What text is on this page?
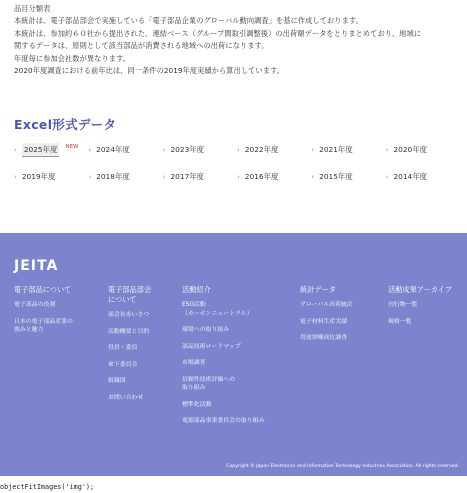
品目分類表

本統計は、電子部品部会で実施している「電子部品企業のグローバル動向調査」を基に作成しております。

本統計は、参加約６０社から提出された、連結ベース（グループ間取引調整後）の出荷額データをとりまとめており、地域に

関するデータは、原則として該当部品が消費される地域への出荷になります。

年度毎に参加会社数が異なります。

2020年度調査における前年比は、同一条件の2019年度実績から算出しています。

Excel形式データ
› 2025年度	NEW › 2024年度	› 2023年度	› 2022年度	› 2021年度	› 2020年度
› 2019年度	› 2018年度	› 2017年度	› 2016年度	› 2015年度	› 2014年度
JEITA
電子部品について
電子部品の役割
日本の電子部品産業の
強みと魅力
電子部品部会
について
部会長あいさつ
活動概要と目的
役員・委員
傘下委員会
組織図
お問い合わせ
活動紹介
ESG活動
（カーボンニュートラル）
環境への取り組み
部品技術ロードマップ
市場調査
信頼性技術評価への
取り組み
標準化活動
電源部品事業委員会の取り組み
統計データ
グローバル出荷統計
電子材料生産実績
用途別構成比調査
活動成果アーカイブ
刊行物一覧
規格一覧
Copyright © Japan Electronics and Information Technology Industries Association. All rights reserved.
objectFitImages('img');
